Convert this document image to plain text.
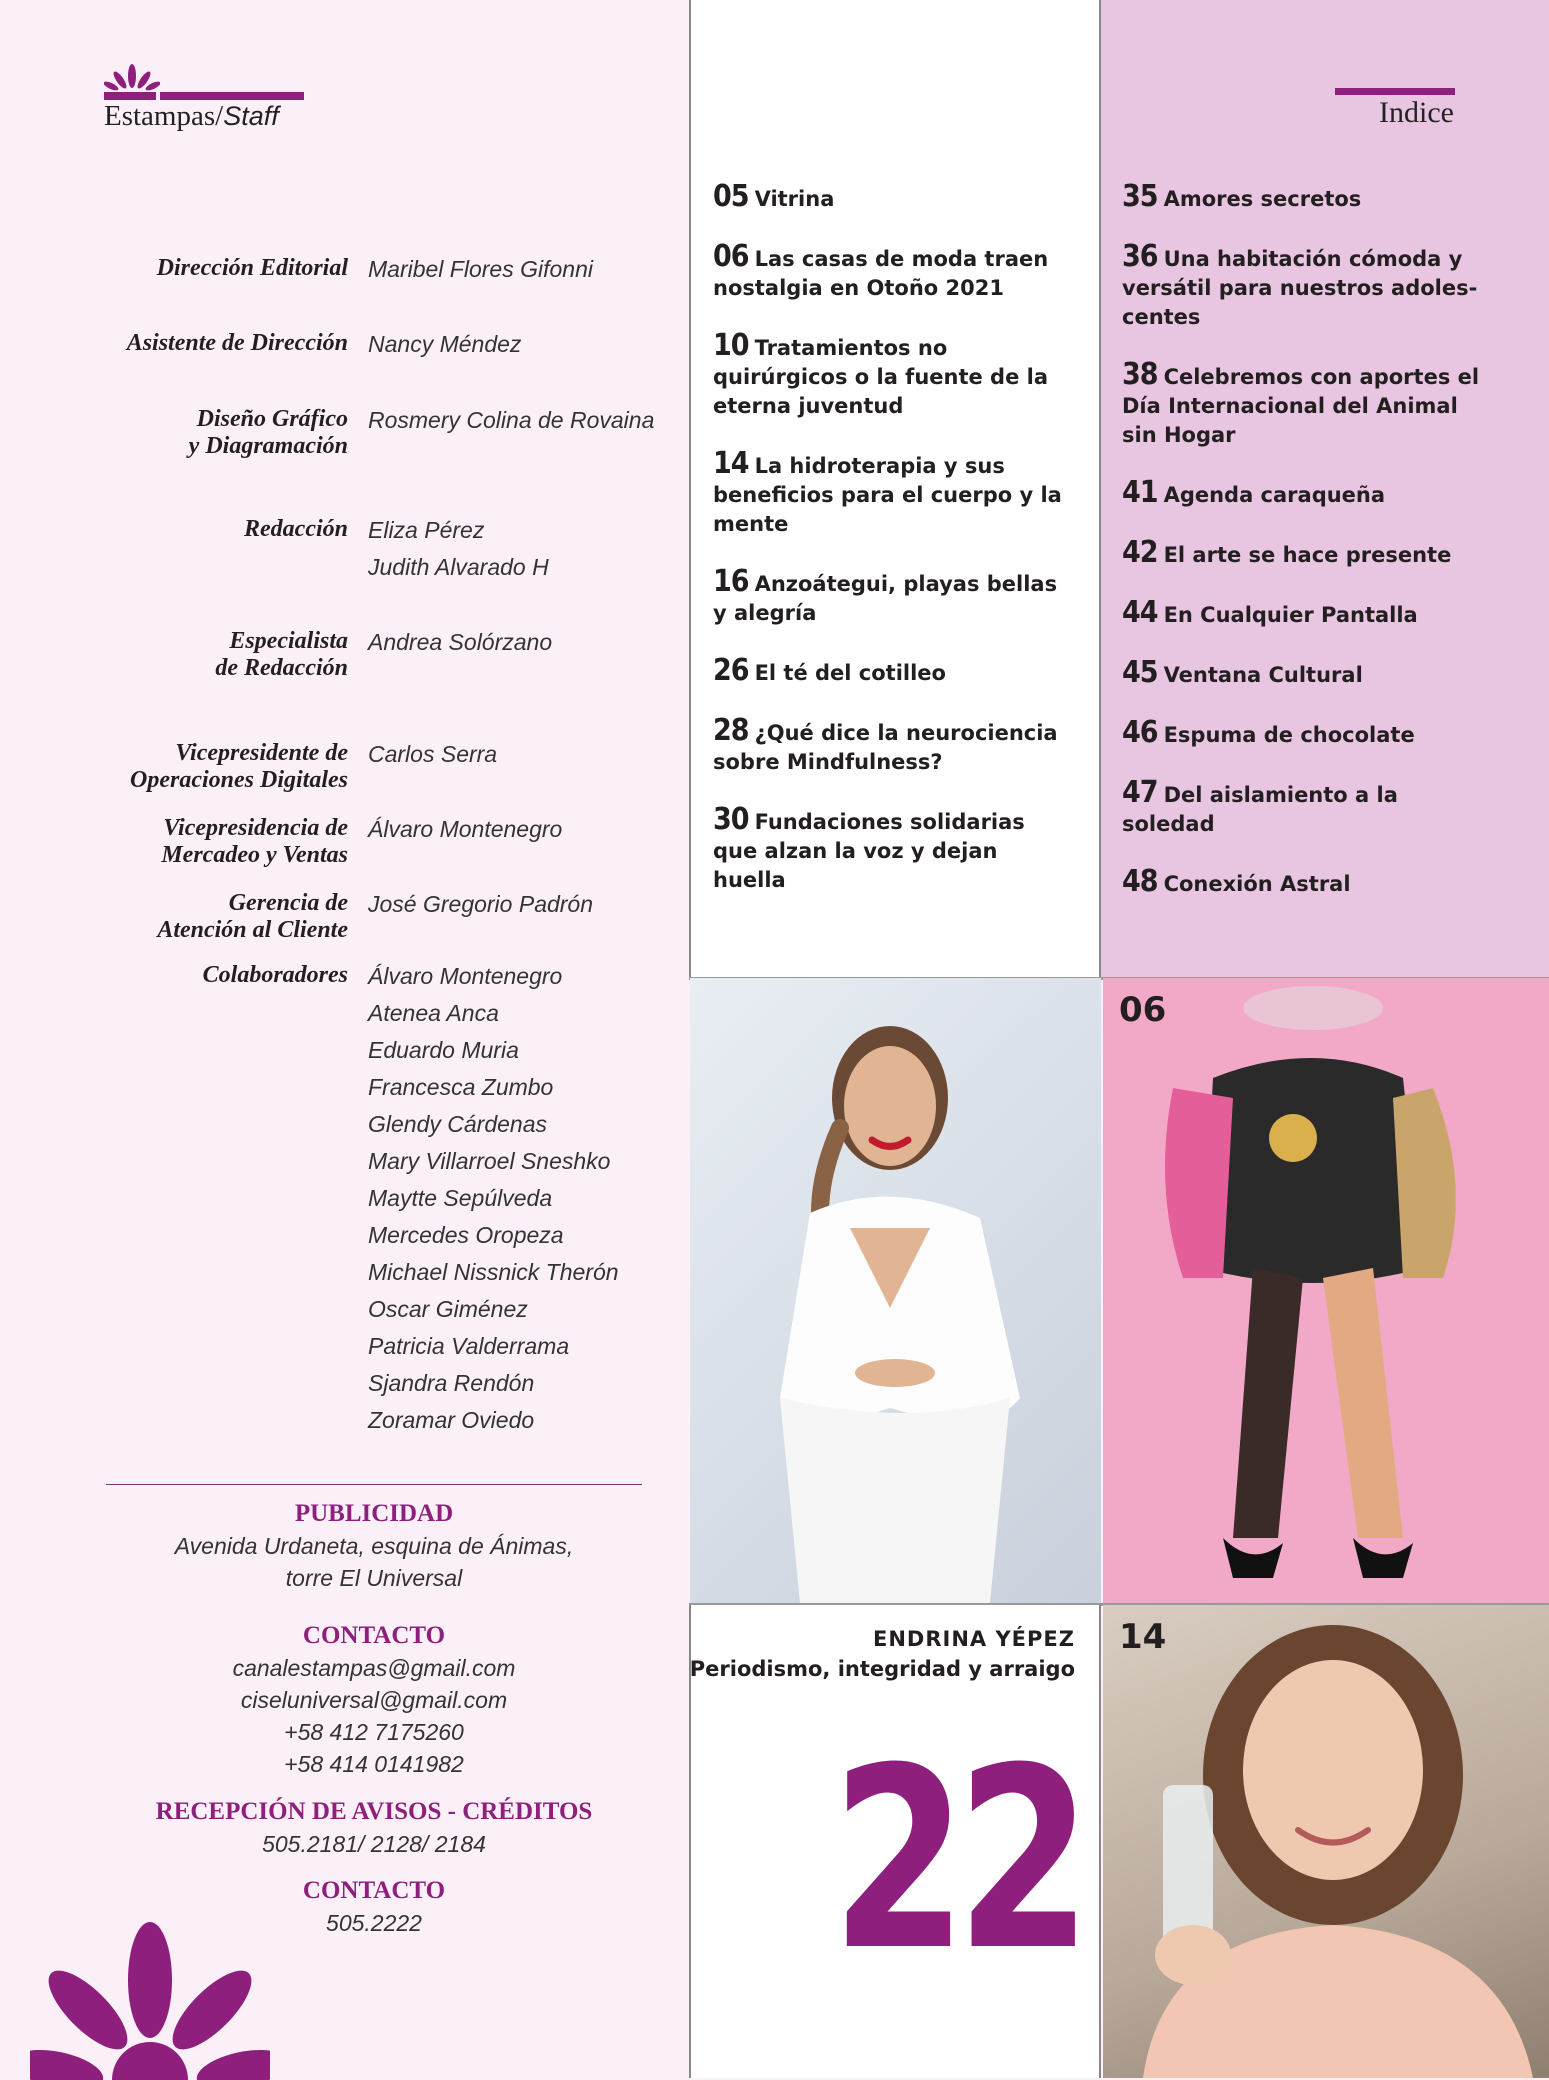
Estampas/Staff	Indice
Dirección Editorial Maribel Flores Gifonni
Asistente de Dirección Nancy Méndez
Diseño Gráfico
y Diagramación
Rosmery Colina de Rovaina
Redacción Eliza Pérez
Judith Alvarado H
Especialista
de Redacción
Andrea Solórzano
Vicepresidente de
Operaciones Digitales
Carlos Serra
Vicepresidencia de
Mercadeo y Ventas
Álvaro Montenegro
Gerencia de
Atención al Cliente
José Gregorio Padrón
Colaboradores Álvaro Montenegro
Atenea Anca
Eduardo Muria
Francesca Zumbo
Glendy Cárdenas
Mary Villarroel Sneshko
Maytte Sepúlveda
Mercedes Oropeza
Michael Nissnick Therón
Oscar Giménez
Patricia Valderrama
Sjandra Rendón
Zoramar Oviedo
PUBLICIDAD
Avenida Urdaneta, esquina de Ánimas,
torre El Universal
CONTACTO
canalestampas@gmail.com
ciseluniversal@gmail.com
+58 412 7175260
+58 414 0141982
RECEPCIÓN DE AVISOS - CRÉDITOS
505.2181/ 2128/ 2184
CONTACTO
505.2222
05 Vitrina
06 Las casas de moda traen nostalgia en Otoño 2021
10 Tratamientos no quirúrgicos o la fuente de la eterna juventud
14 La hidroterapia y sus beneficios para el cuerpo y la mente
16 Anzoátegui, playas bellas y alegría
26 El té del cotilleo
28 ¿Qué dice la neurociencia sobre Mindfulness?
30 Fundaciones solidarias que alzan la voz y dejan huella
35 Amores secretos
36 Una habitación cómoda y versátil para nuestros adoles-centes
38 Celebremos con aportes el Día Internacional del Animal sin Hogar
41 Agenda caraqueña
42 El arte se hace presente
44 En Cualquier Pantalla
45 Ventana Cultural
46 Espuma de chocolate
47 Del aislamiento a la soledad
48 Conexión Astral
06
ENDRINA YÉPEZ
Periodismo, integridad y arraigo
22
14
